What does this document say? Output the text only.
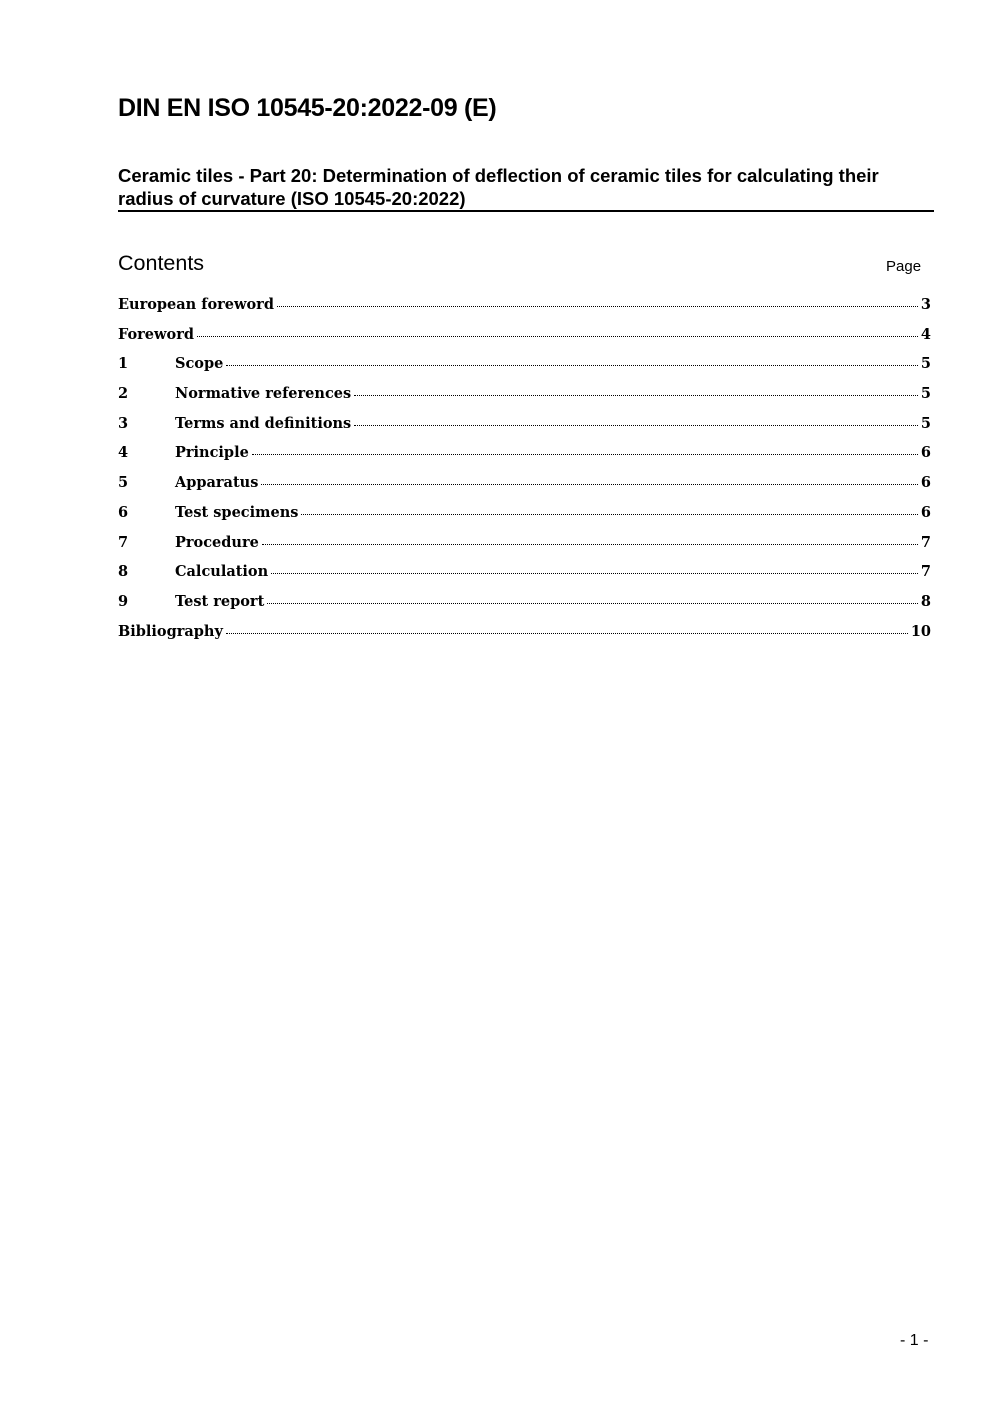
DIN EN ISO 10545-20:2022-09 (E)
Ceramic tiles - Part 20: Determination of deflection of ceramic tiles for calculating their radius of curvature (ISO 10545-20:2022)
Contents	Page
European foreword	3
Foreword	4
1	Scope	5
2	Normative references	5
3	Terms and definitions	5
4	Principle	6
5	Apparatus	6
6	Test specimens	6
7	Procedure	7
8	Calculation	7
9	Test report	8
Bibliography	10
- 1 -
